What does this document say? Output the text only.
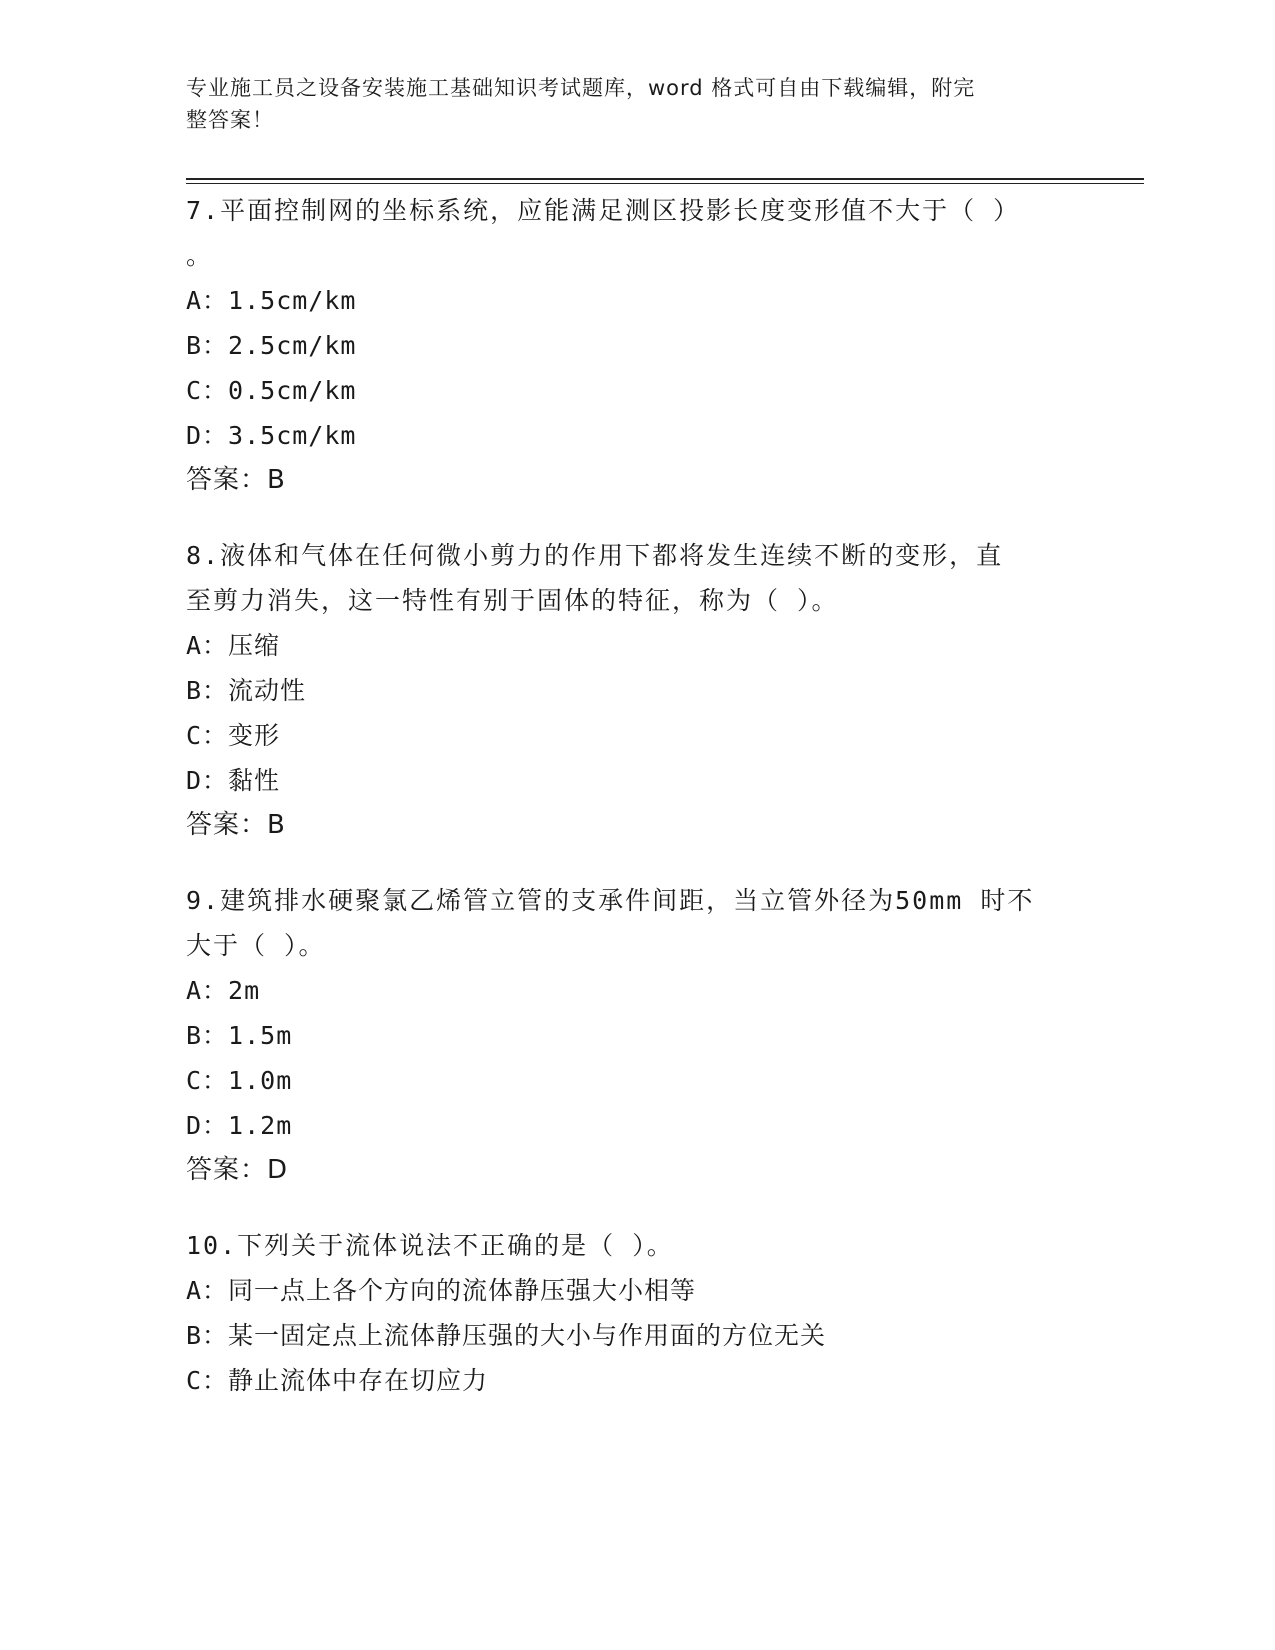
专业施工员之设备安装施工基础知识考试题库，word 格式可自由下载编辑，附完
整答案！

7.平面控制网的坐标系统，应能满足测区投影长度变形值不大于（ ）

。

A：1.5cm/km

B：2.5cm/km

C：0.5cm/km

D：3.5cm/km

答案：B

8.液体和气体在任何微小剪力的作用下都将发生连续不断的变形，直

至剪力消失，这一特性有别于固体的特征，称为（ ）。

A：压缩

B：流动性

C：变形

D：黏性

答案：B

9.建筑排水硬聚氯乙烯管立管的支承件间距，当立管外径为50mm 时不

大于（ ）。

A：2m

B：1.5m

C：1.0m

D：1.2m

答案：D

10.下列关于流体说法不正确的是（ ）。

A：同一点上各个方向的流体静压强大小相等

B：某一固定点上流体静压强的大小与作用面的方位无关

C：静止流体中存在切应力
